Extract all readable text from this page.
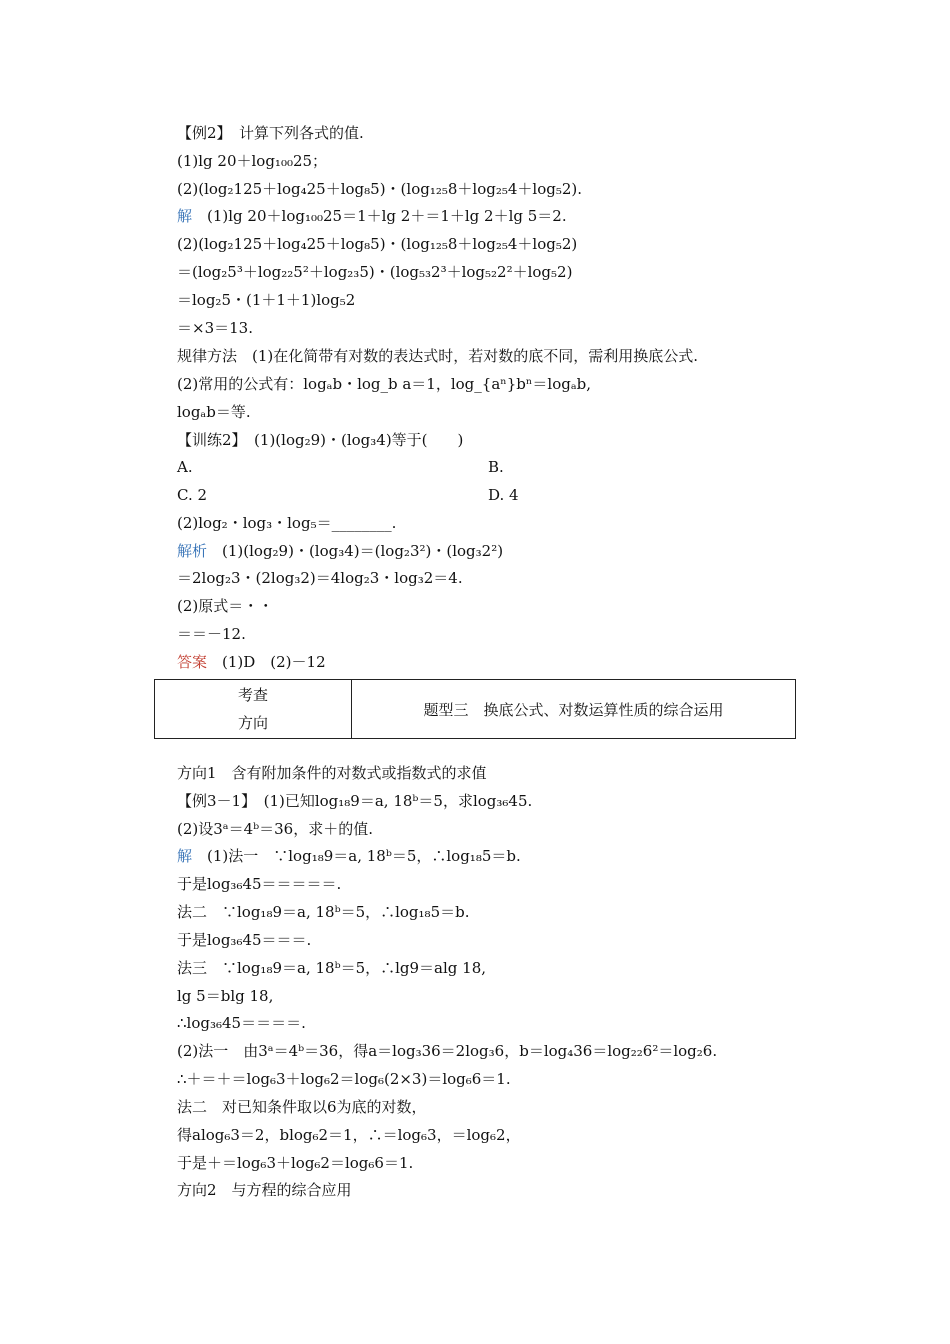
【例2】　计算下列各式的值.
(1)lg 20＋log₁₀₀25；
(2)(log₂125＋log₄25＋log₈5)・(log₁₂₅8＋log₂₅4＋log₅2).
解　(1)lg 20＋log₁₀₀25＝1＋lg 2＋＝1＋lg 2＋lg 5＝2.
(2)(log₂125＋log₄25＋log₈5)・(log₁₂₅8＋log₂₅4＋log₅2)
＝(log₂5³＋log₂₂5²＋log₂₃5)・(log₅₃2³＋log₅₂2²＋log₅2)
＝log₂5・(1＋1＋1)log₅2
＝×3＝13.
规律方法　(1)在化简带有对数的表达式时，若对数的底不同，需利用换底公式.
(2)常用的公式有：logₐb・log_b a＝1，log_{aⁿ}bⁿ＝logₐb,
logₐb＝等.
【训练2】　(1)(log₂9)・(log₃4)等于(　　)
A.	B.
C. 2	D. 4
(2)log₂・log₃・log₅＝________.
解析　(1)(log₂9)・(log₃4)＝(log₂3²)・(log₃2²)
＝2log₂3・(2log₃2)＝4log₂3・log₃2＝4.
(2)原式＝・・
＝＝－12.
答案　(1)D　(2)－12
考查
方向
	题型三　换底公式、对数运算性质的综合运用
方向1　含有附加条件的对数式或指数式的求值
【例3－1】　(1)已知log₁₈9＝a, 18ᵇ＝5，求log₃₆45.
(2)设3ᵃ＝4ᵇ＝36，求＋的值.
解　(1)法一　∵log₁₈9＝a, 18ᵇ＝5，∴log₁₈5＝b.
于是log₃₆45＝＝＝＝＝.
法二　∵log₁₈9＝a, 18ᵇ＝5，∴log₁₈5＝b.
于是log₃₆45＝＝＝.
法三　∵log₁₈9＝a, 18ᵇ＝5，∴lg9＝alg 18,
lg 5＝blg 18,
∴log₃₆45＝＝＝＝.
(2)法一　由3ᵃ＝4ᵇ＝36，得a＝log₃36＝2log₃6，b＝log₄36＝log₂₂6²＝log₂6.
∴＋＝＋＝log₆3＋log₆2＝log₆(2×3)＝log₆6＝1.
法二　对已知条件取以6为底的对数，
得alog₆3＝2，blog₆2＝1，∴＝log₆3，＝log₆2，
于是＋＝log₆3＋log₆2＝log₆6＝1.
方向2　与方程的综合应用
